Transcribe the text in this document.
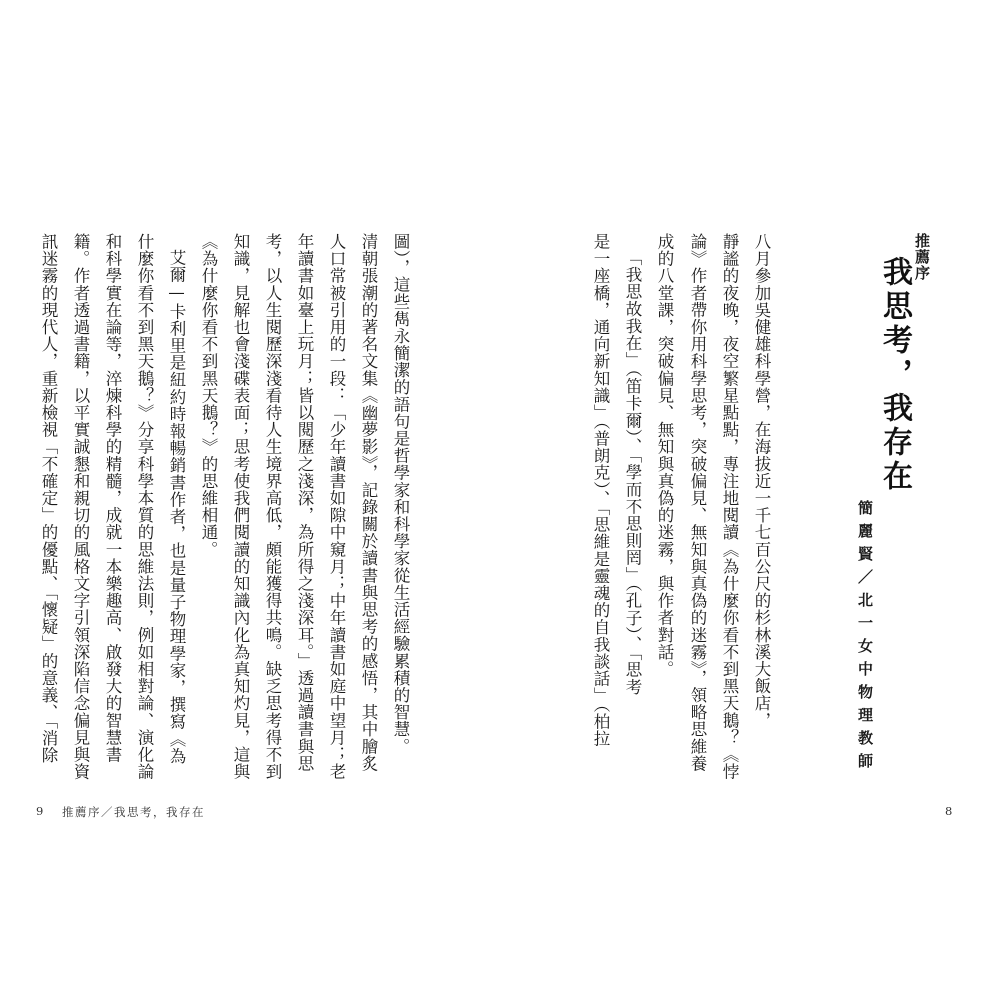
推薦序
我思考，我存在
簡麗賢／北一女中物理教師
八月參加吳健雄科學營，在海拔近一千七百公尺的杉林溪大飯店，
靜謐的夜晚，夜空繁星點點，專注地閱讀《為什麼你看不到黑天鵝？《悖
論》作者帶你用科學思考，突破偏見、無知與真偽的迷霧》，領略思維養
成的八堂課，突破偏見、無知與真偽的迷霧，與作者對話。
「我思故我在」（笛卡爾）、「學而不思則罔」（孔子）、「思考
是一座橋，通向新知識」（普朗克）、「思維是靈魂的自我談話」（柏拉
圖），這些雋永簡潔的語句是哲學家和科學家從生活經驗累積的智慧。
清朝張潮的著名文集《幽夢影》，記錄關於讀書與思考的感悟，其中膾炙
人口常被引用的一段：「少年讀書如隙中窺月；中年讀書如庭中望月；老
年讀書如臺上玩月；皆以閱歷之淺深，為所得之淺深耳。」透過讀書與思
考，以人生閱歷深淺看待人生境界高低，頗能獲得共鳴。缺乏思考得不到
知識，見解也會淺碟表面；思考使我們閱讀的知識內化為真知灼見，這與
《為什麼你看不到黑天鵝？》的思維相通。
艾爾—卡利里是紐約時報暢銷書作者，也是量子物理學家，撰寫《為
什麼你看不到黑天鵝？》分享科學本質的思維法則，例如相對論、演化論
和科學實在論等，淬煉科學的精髓，成就一本樂趣高、啟發大的智慧書
籍。作者透過書籍，以平實誠懇和親切的風格文字引領深陷信念偏見與資
訊迷霧的現代人，重新檢視「不確定」的優點、「懷疑」的意義、「消除
9 推薦序／我思考，我存在	8
